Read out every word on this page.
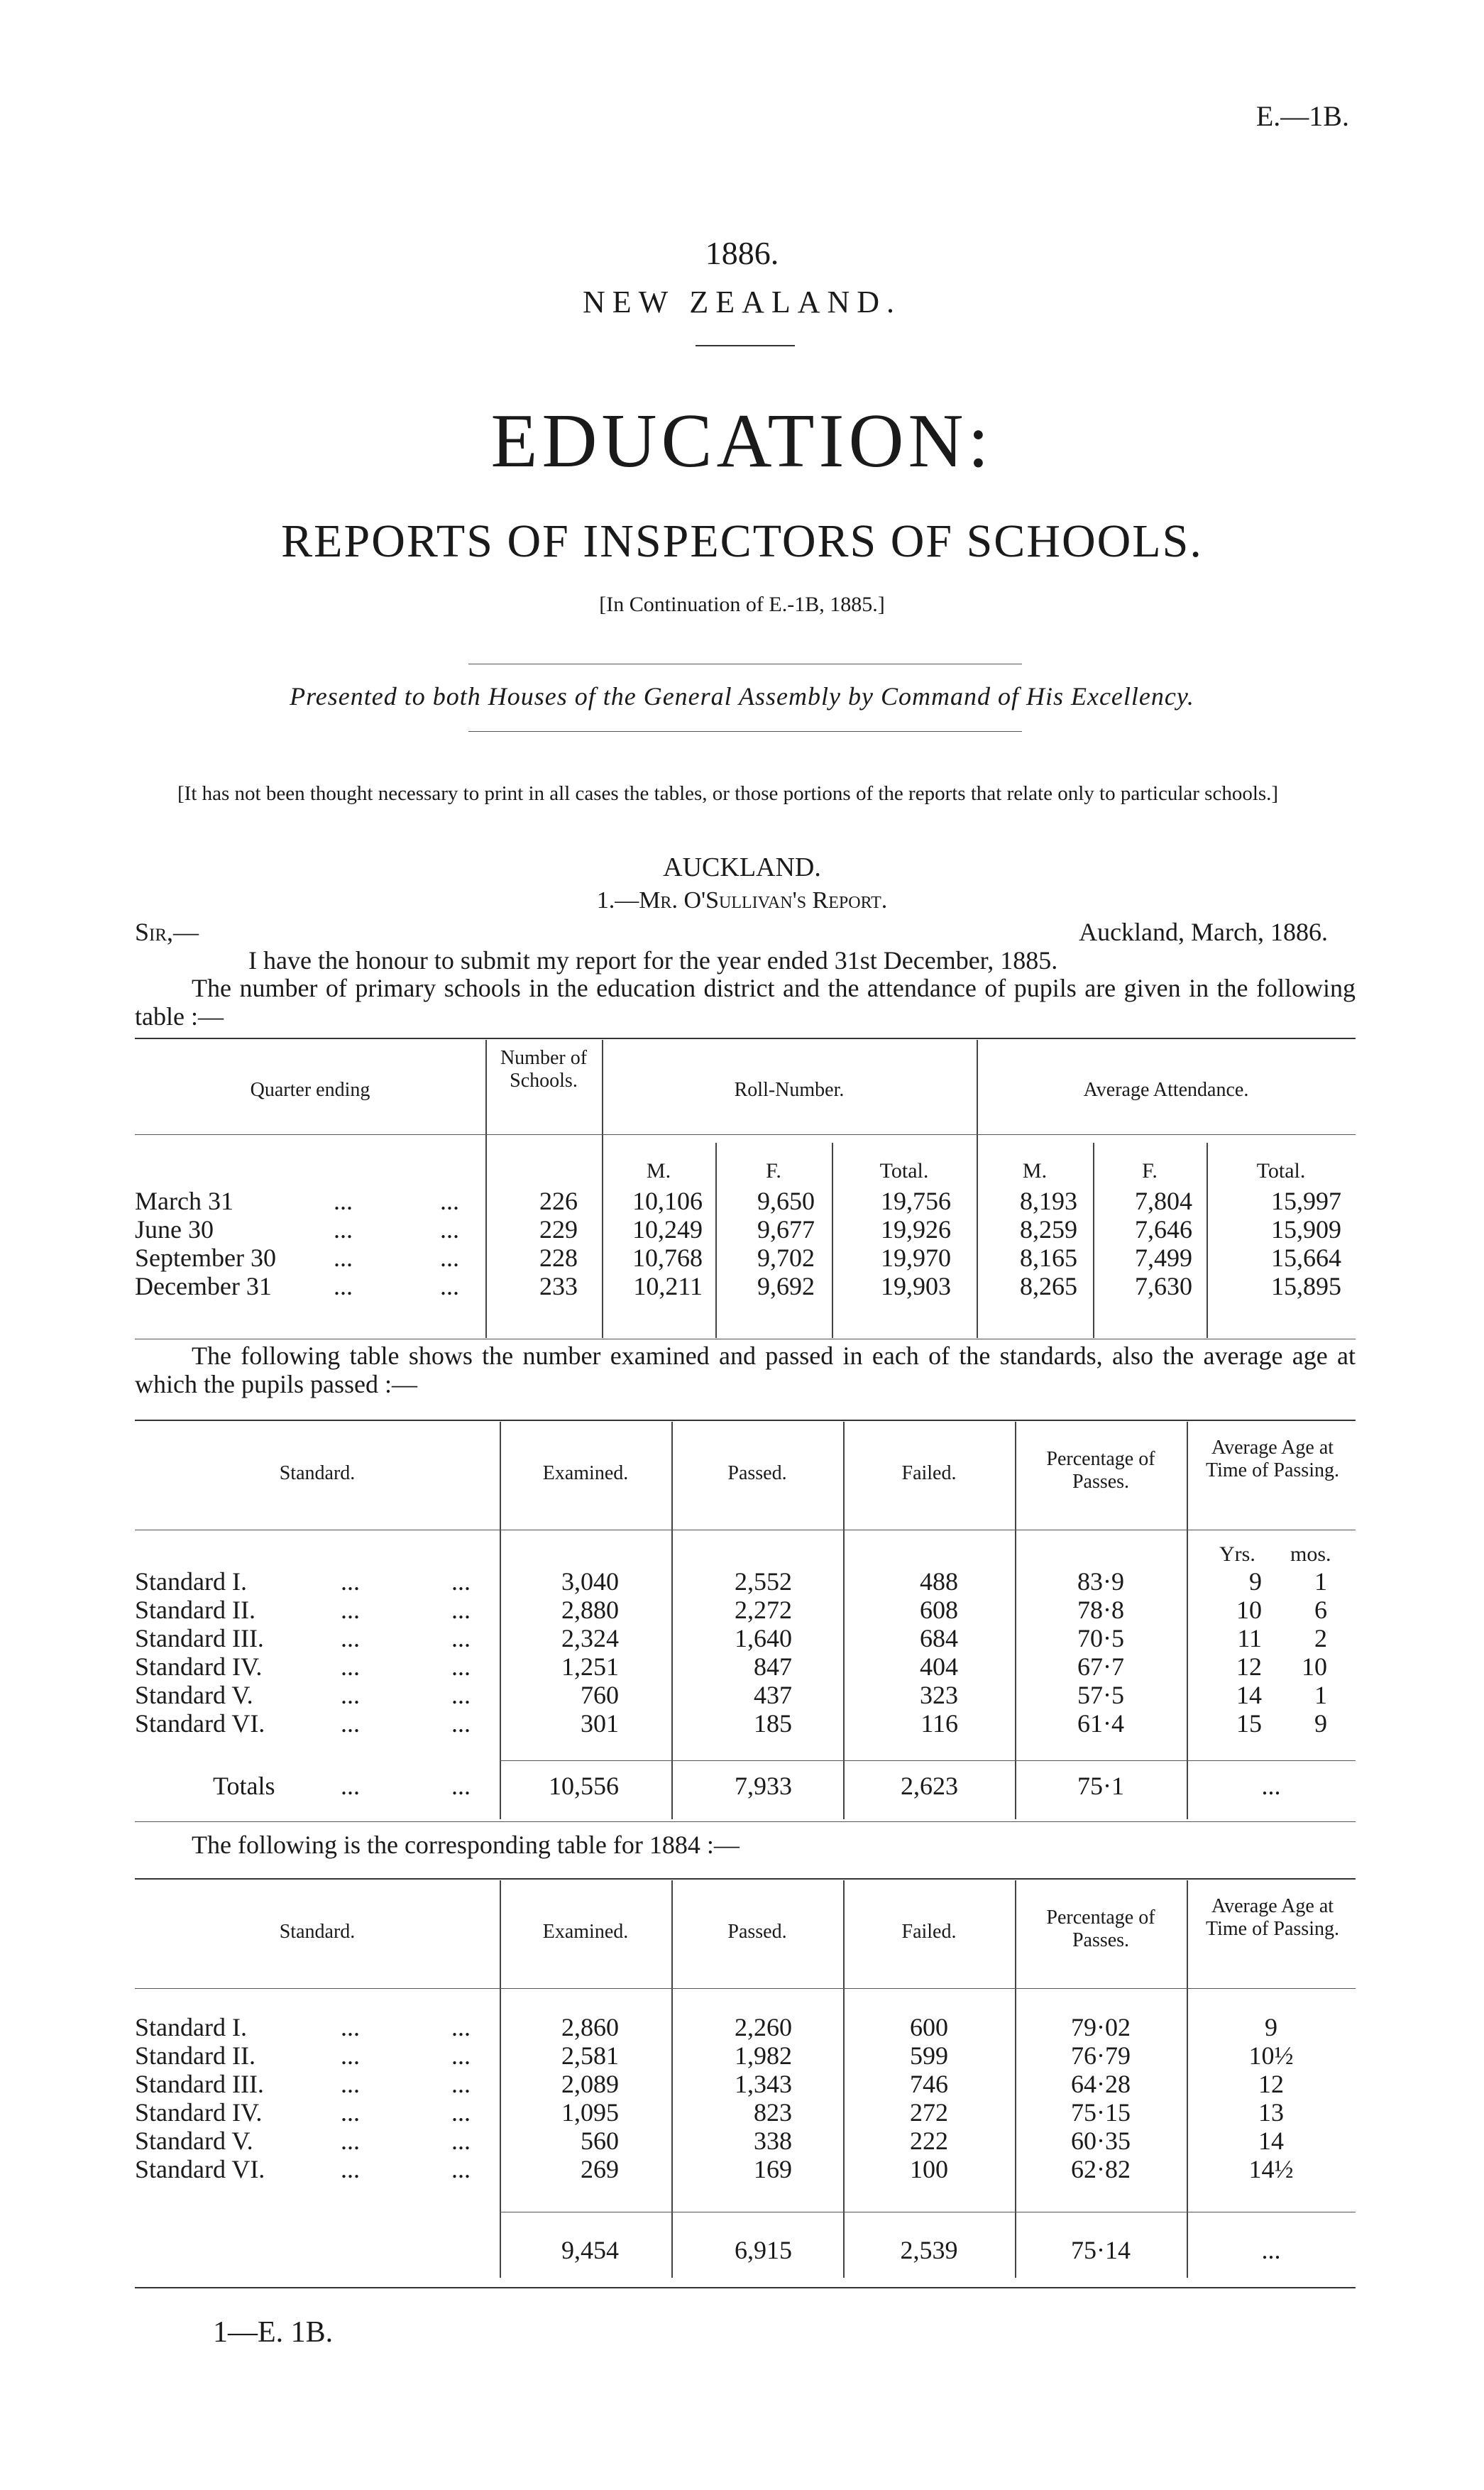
E.—1B.
1886.
NEW ZEALAND.
EDUCATION:
REPORTS OF INSPECTORS OF SCHOOLS.
[In Continuation of E.-1B, 1885.]
Presented to both Houses of the General Assembly by Command of His Excellency.
[It has not been thought necessary to print in all cases the tables, or those portions of the reports that relate only to particular schools.]
AUCKLAND.
1.—Mr. O'Sullivan's Report.
Sir,—	Auckland, March, 1886.
I have the honour to submit my report for the year ended 31st December, 1885.
The number of primary schools in the education district and the attendance of pupils are given in the following table :—
Quarter ending
Number of Schools.	Roll-Number.	Average Attendance.
M.	F.	Total.	M.	F.	Total.
March 31	...	...	226	10,106	9,650	19,756	8,193	7,804	15,997
June 30	...	...	229	10,249	9,677	19,926	8,259	7,646	15,909
September 30 ...	...	228	10,768	9,702	19,970	8,165	7,499	15,664
December 31 ...	...	233	10,211	9,692	19,903	8,265	7,630	15,895
The following table shows the number examined and passed in each of the standards, also the average age at which the pupils passed :—
Standard.	Examined.	Passed.	Failed.
Percentage of Passes.
Average Age at Time of Passing.
Yrs. mos.
Standard I.	...	...	3,040	2,552	488	83·9	9	1
Standard II.	...	...	2,880	2,272	608	78·8	10	6
Standard III.	...	...	2,324	1,640	684	70·5	11	2
Standard IV.	...	...	1,251	847	404	67·7	12	10
Standard V.	...	...	760	437	323	57·5	14	1
Standard VI.	...	...	301	185	116	61·4	15	9
Totals	...	...	10,556	7,933	2,623	75·1	...
The following is the corresponding table for 1884 :—
Standard.	Examined.	Passed.	Failed.
Percentage of Passes.
Average Age at Time of Passing.
Standard I.	...	...	2,860	2,260	600	79·02	9
Standard II.	...	...	2,581	1,982	599	76·79	10½
Standard III.	...	...	2,089	1,343	746	64·28	12
Standard IV.	...	...	1,095	823	272	75·15	13
Standard V.	...	...	560	338	222	60·35	14
Standard VI.	...	...	269	169	100	62·82	14½
9,454	6,915	2,539	75·14	...
1—E. 1B.
